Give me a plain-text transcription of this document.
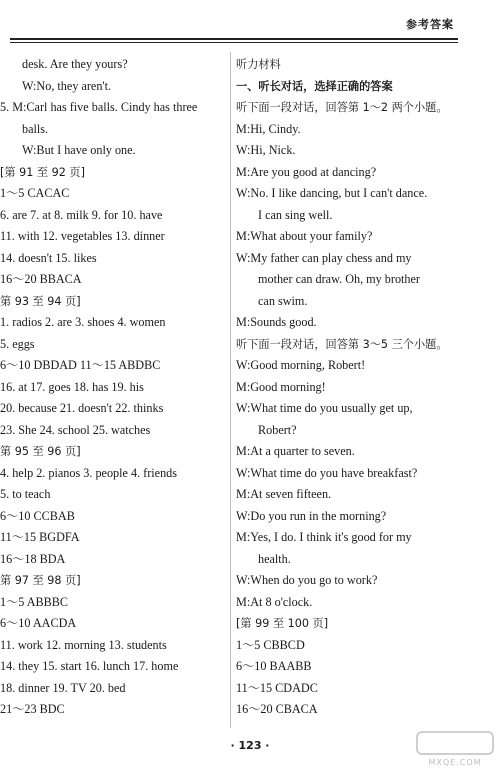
参考答案
desk. Are they yours?
W:No, they aren't.
5. M:Carl has five balls. Cindy has three
balls.
W:But I have only one.
[第 91 至 92 页]
1～5 CACAC
6. are 7. at 8. milk 9. for 10. have
11. with 12. vegetables 13. dinner
14. doesn't 15. likes
16～20 BBACA
第 93 至 94 页]
1. radios 2. are 3. shoes 4. women
5. eggs
6～10 DBDAD 11～15 ABDBC
16. at 17. goes 18. has 19. his
20. because 21. doesn't 22. thinks
23. She 24. school 25. watches
第 95 至 96 页]
4. help 2. pianos 3. people 4. friends
5. to teach
6～10 CCBAB
11～15 BGDFA
16～18 BDA
第 97 至 98 页]
1～5 ABBBC
6～10 AACDA
11. work 12. morning 13. students
14. they 15. start 16. lunch 17. home
18. dinner 19. TV 20. bed
21～23 BDC
听力材料
一、听长对话，选择正确的答案
听下面一段对话，回答第 1～2 两个小题。
M:Hi, Cindy.
W:Hi, Nick.
M:Are you good at dancing?
W:No. I like dancing, but I can't dance.
I can sing well.
M:What about your family?
W:My father can play chess and my
mother can draw. Oh, my brother
can swim.
M:Sounds good.
听下面一段对话，回答第 3～5 三个小题。
W:Good morning, Robert!
M:Good morning!
W:What time do you usually get up,
Robert?
M:At a quarter to seven.
W:What time do you have breakfast?
M:At seven fifteen.
W:Do you run in the morning?
M:Yes, I do. I think it's good for my
health.
W:When do you go to work?
M:At 8 o'clock.
[第 99 至 100 页]
1～5 CBBCD
6～10 BAABB
11～15 CDADC
16～20 CBACA
· 123 ·
MXQE.COM
